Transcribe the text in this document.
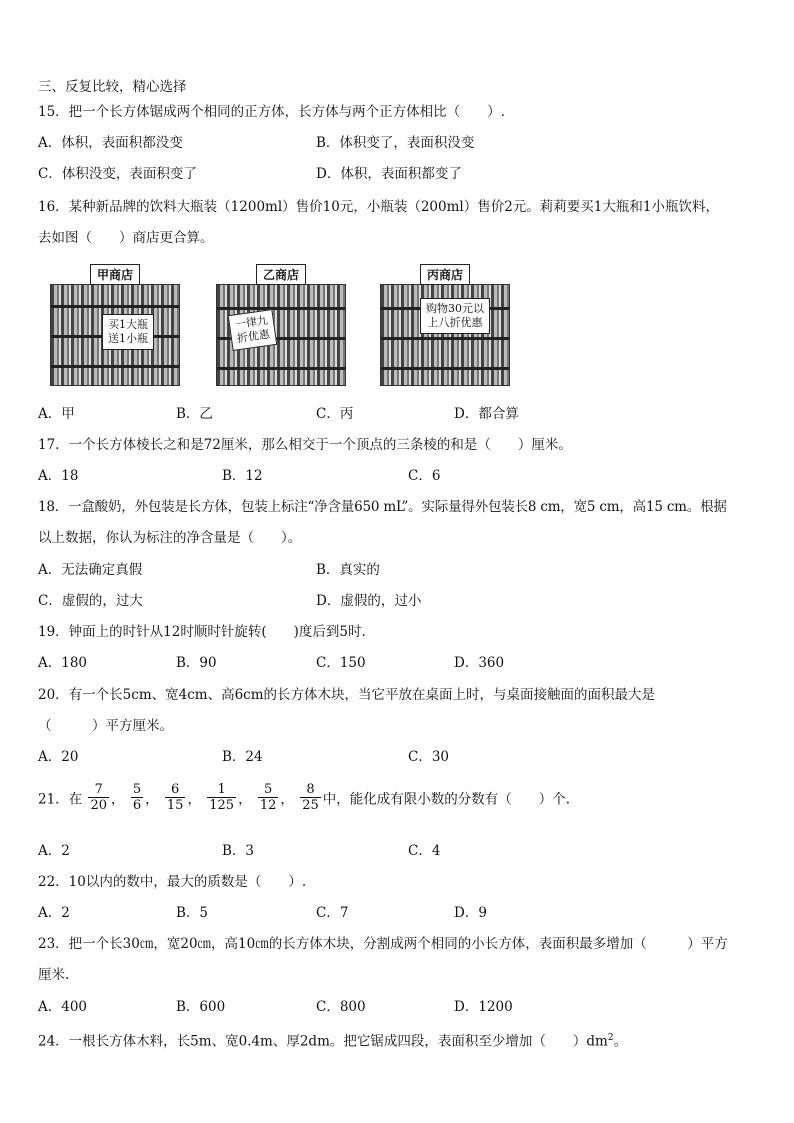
三、反复比较，精心选择
15．把一个长方体锯成两个相同的正方体，长方体与两个正方体相比（　　）.
A．体积，表面积都没变	B．体积变了，表面积没变
C．体积没变，表面积变了	D．体积，表面积都变了
16．某种新品牌的饮料大瓶装（1200ml）售价10元，小瓶装（200ml）售价2元。莉莉要买1大瓶和1小瓶饮料，
去如图（　　）商店更合算。
甲商店
买1大瓶
送1小瓶
乙商店
一律九
折优惠
丙商店
购物30元以
上八折优惠
A．甲	B．乙	C．丙	D．都合算
17．一个长方体棱长之和是72厘米，那么相交于一个顶点的三条棱的和是（　　）厘米。
A．18	B．12	C．6
18．一盒酸奶，外包装是长方体，包装上标注“净含量650 mL”。实际量得外包装长8 cm，宽5 cm，高15 cm。根据
以上数据，你认为标注的净含量是（　　）。
A．无法确定真假	B．真实的
C．虚假的，过大	D．虚假的，过小
19．钟面上的时针从12时顺时针旋转(　　)度后到5时.
A．180	B．90	C．150	D．360
20．有一个长5cm、宽4cm、高6cm的长方体木块，当它平放在桌面上时，与桌面接触面的面积最大是
（　　　）平方厘米。
A．20	B．24	C．30
21．在 $\frac{7}{20}$ ， $\frac{5}{6}$ ， $\frac{6}{15}$ ， $\frac{1}{125}$ ， $\frac{5}{12}$ ， $\frac{8}{25}$ 中，能化成有限小数的分数有（　　）个.
A．2	B．3	C．4
22．10以内的数中，最大的质数是（　　）.
A．2	B．5	C．7	D．9
23．把一个长30㎝，宽20㎝，高10㎝的长方体木块，分割成两个相同的小长方体，表面积最多增加（　　　）平方
厘米.
A．400	B．600	C．800	D．1200
24．一根长方体木料，长5m、宽0.4m、厚2dm。把它锯成四段，表面积至少增加（　　）$dm^2$。
